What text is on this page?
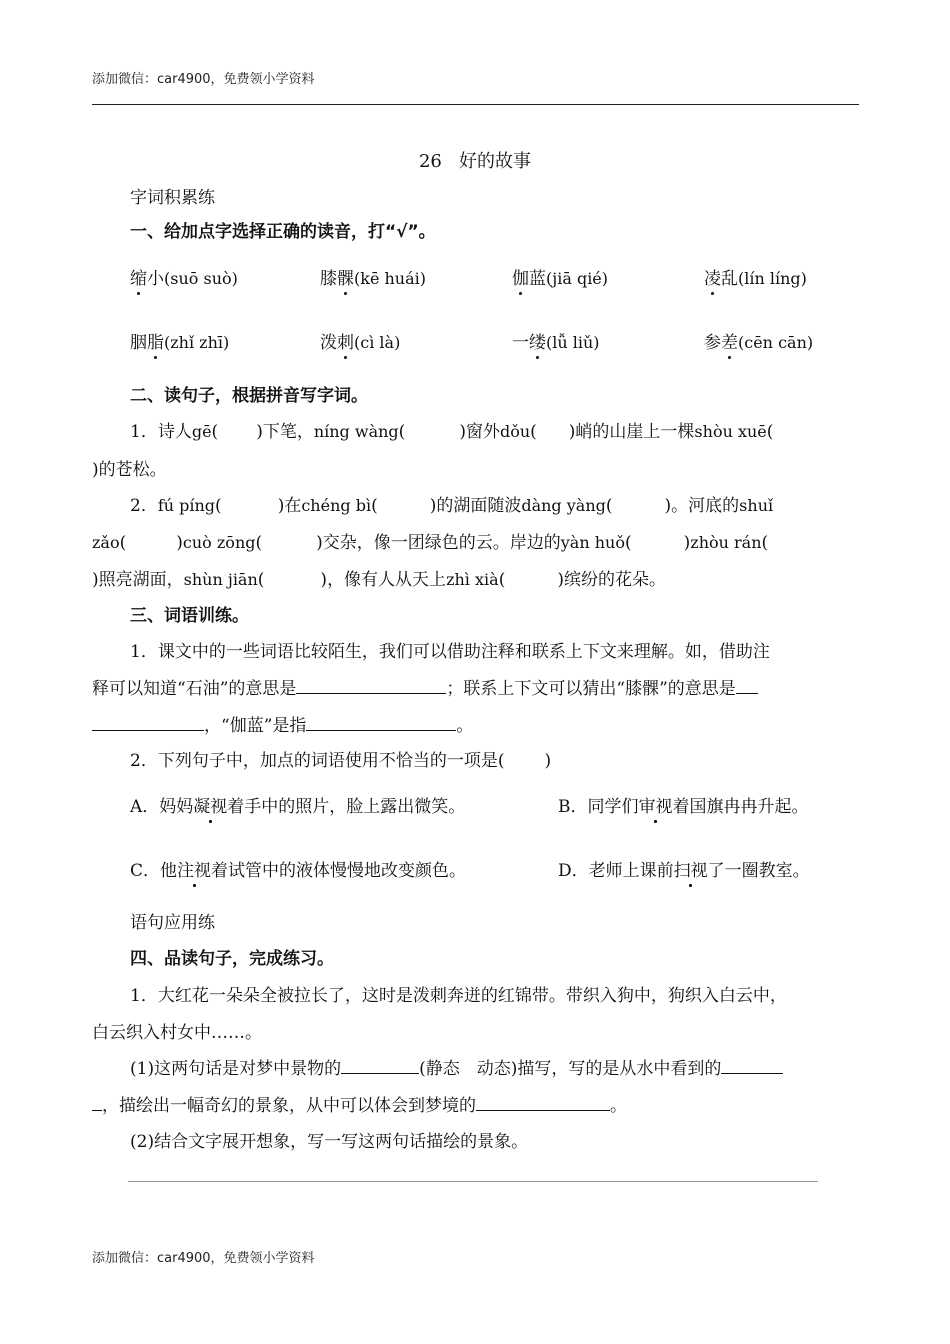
添加微信：car4900，免费领小学资料
26 好的故事
字词积累练
一、给加点字选择正确的读音，打“√”。
缩小(suō suò)	膝髁(kē huái)	伽蓝(jiā qié)	凌乱(lín líng)
胭脂(zhǐ zhī)	泼刺(cì là)	一缕(lǚ liǔ)	参差(cēn cān)
二、读句子，根据拼音写字词。
1．诗人gē( )下笔，níng wàng(	)窗外dǒu( )峭的山崖上一棵shòu xuē(
)的苍松。
2．fú píng(	)在chéng bì(	)的湖面随波dàng yàng(	)。河底的shuǐ
zǎo(	)cuò zōng(	)交杂，像一团绿色的云。岸边的yàn huǒ(	)zhòu rán(
)照亮湖面，shùn jiān(	)，像有人从天上zhì xià(	)缤纷的花朵。
三、词语训练。
1．课文中的一些词语比较陌生，我们可以借助注释和联系上下文来理解。如，借助注
释可以知道“石油”的意思是	；联系上下文可以猜出“膝髁”的意思是
，“伽蓝”是指	。
2．下列句子中，加点的词语使用不恰当的一项是( )
A．妈妈凝视着手中的照片，脸上露出微笑。	B．同学们审视着国旗冉冉升起。
C．他注视着试管中的液体慢慢地改变颜色。	D．老师上课前扫视了一圈教室。
语句应用练
四、品读句子，完成练习。
1．大红花一朵朵全被拉长了，这时是泼刺奔迸的红锦带。带织入狗中，狗织入白云中，
白云织入村女中……。
(1)这两句话是对梦中景物的	(静态　动态)描写，写的是从水中看到的
，描绘出一幅奇幻的景象，从中可以体会到梦境的	。
(2)结合文字展开想象，写一写这两句话描绘的景象。
添加微信：car4900，免费领小学资料
